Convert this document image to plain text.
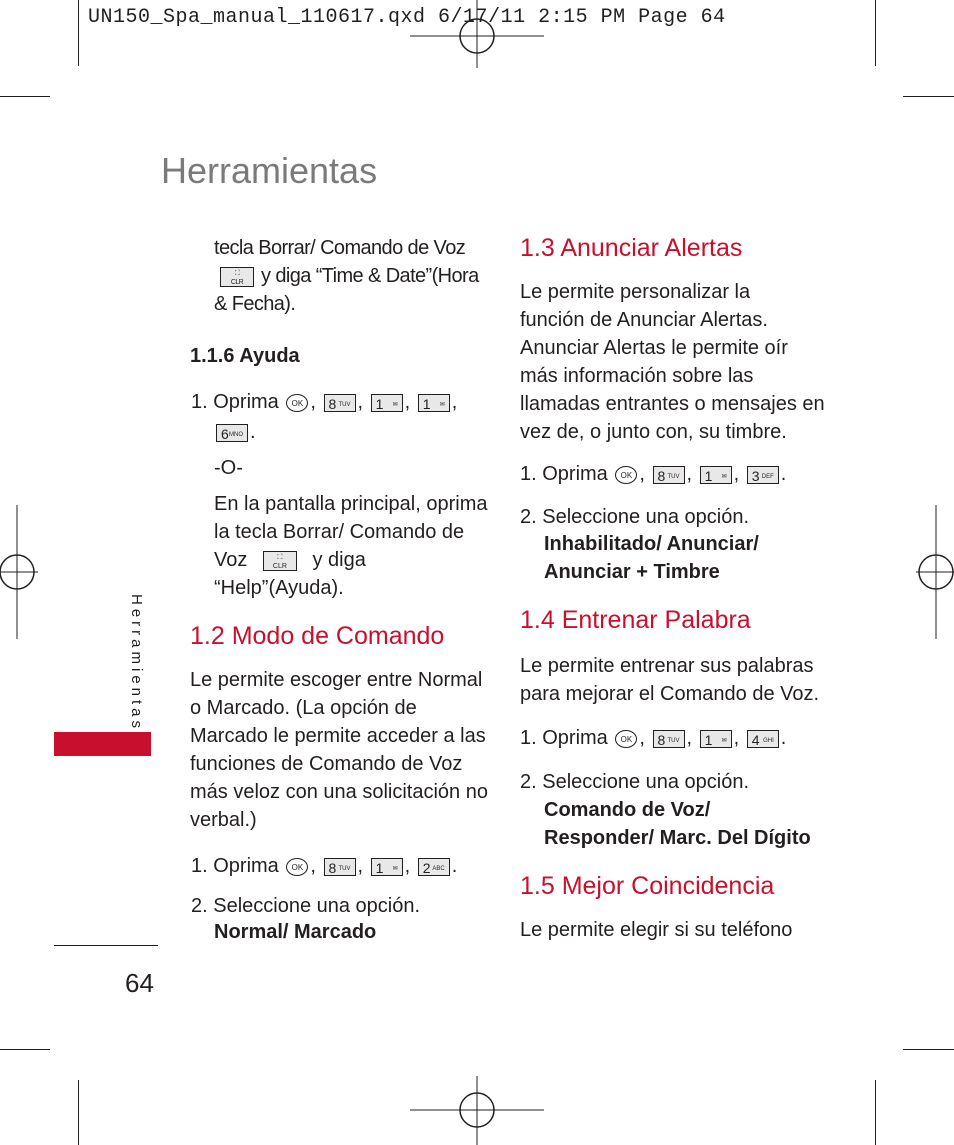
UN150_Spa_manual_110617.qxd 6/17/11 2:15 PM Page 64
Herramientas
Herramientas
64
tecla Borrar/ Comando de Voz
⛶
CLR y diga “Time & Date”(Hora
& Fecha).
1.1.6 Ayuda
1. Oprima OK , 8 TUV , 1 ✉ , 1 ✉ ,
6 MNO .
-O-
En la pantalla principal, oprima
la tecla Borrar/ Comando de
Voz	⛶
CLR y diga
“Help”(Ayuda).
1.2 Modo de Comando
Le permite escoger entre Normal
o Marcado. (La opción de
Marcado le permite acceder a las
funciones de Comando de Voz
más veloz con una solicitación no
verbal.)
1. Oprima OK , 8 TUV , 1 ✉ , 2 ABC .
2. Seleccione una opción.
Normal/ Marcado
1.3 Anunciar Alertas
Le permite personalizar la
función de Anunciar Alertas.
Anunciar Alertas le permite oír
más información sobre las
llamadas entrantes o mensajes en
vez de, o junto con, su timbre.
1. Oprima OK , 8 TUV , 1 ✉ , 3 DEF .
2. Seleccione una opción.
Inhabilitado/ Anunciar/
Anunciar + Timbre
1.4 Entrenar Palabra
Le permite entrenar sus palabras
para mejorar el Comando de Voz.
1. Oprima OK , 8 TUV , 1 ✉ , 4 GHI .
2. Seleccione una opción.
Comando de Voz/
Responder/ Marc. Del Dígito
1.5 Mejor Coincidencia
Le permite elegir si su teléfono
